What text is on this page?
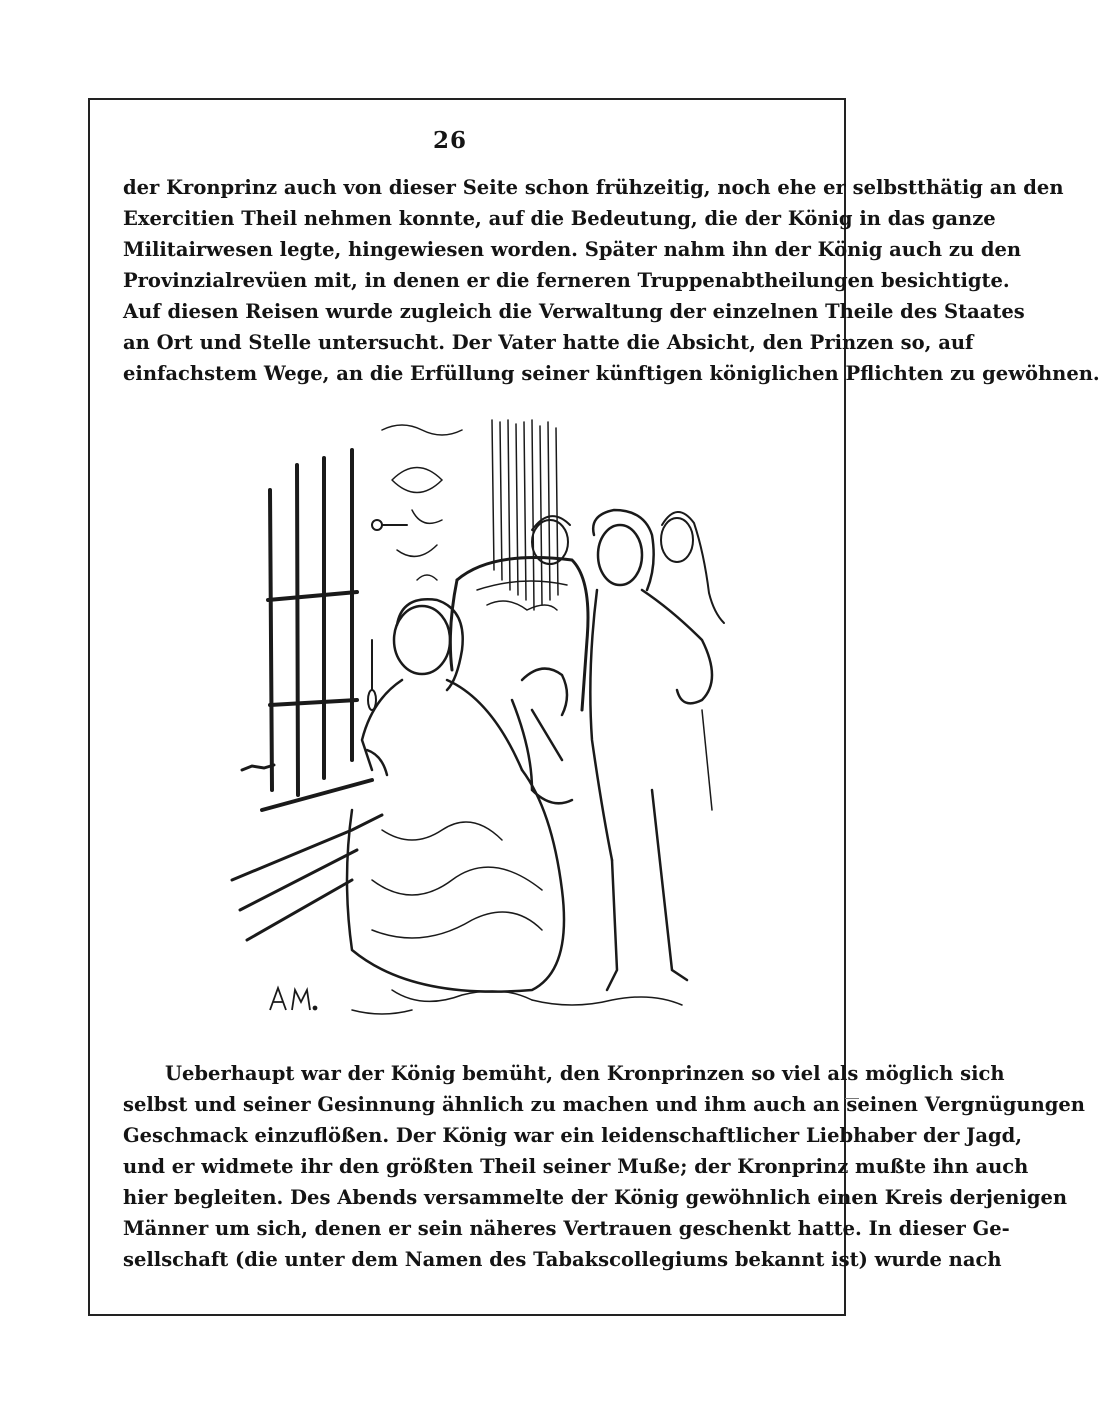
26
der Kronprinz auch von dieser Seite schon frühzeitig, noch ehe er selbstthätig an den
Exercitien Theil nehmen konnte, auf die Bedeutung, die der König in das ganze
Militairwesen legte, hingewiesen worden. Später nahm ihn der König auch zu den
Provinzialrevüen mit, in denen er die ferneren Truppenabtheilungen besichtigte.
Auf diesen Reisen wurde zugleich die Verwaltung der einzelnen Theile des Staates
an Ort und Stelle untersucht. Der Vater hatte die Absicht, den Prinzen so, auf
einfachstem Wege, an die Erfüllung seiner künftigen königlichen Pflichten zu gewöhnen.
Ueberhaupt war der König bemüht, den Kronprinzen so viel als möglich sich
selbst und seiner Gesinnung ähnlich zu machen und ihm auch an seinen Vergnügungen
Geschmack einzuflößen. Der König war ein leidenschaftlicher Liebhaber der Jagd,
und er widmete ihr den größten Theil seiner Muße; der Kronprinz mußte ihn auch
hier begleiten. Des Abends versammelte der König gewöhnlich einen Kreis derjenigen
Männer um sich, denen er sein näheres Vertrauen geschenkt hatte. In dieser Ge-
sellschaft (die unter dem Namen des Tabakscollegiums bekannt ist) wurde nach
